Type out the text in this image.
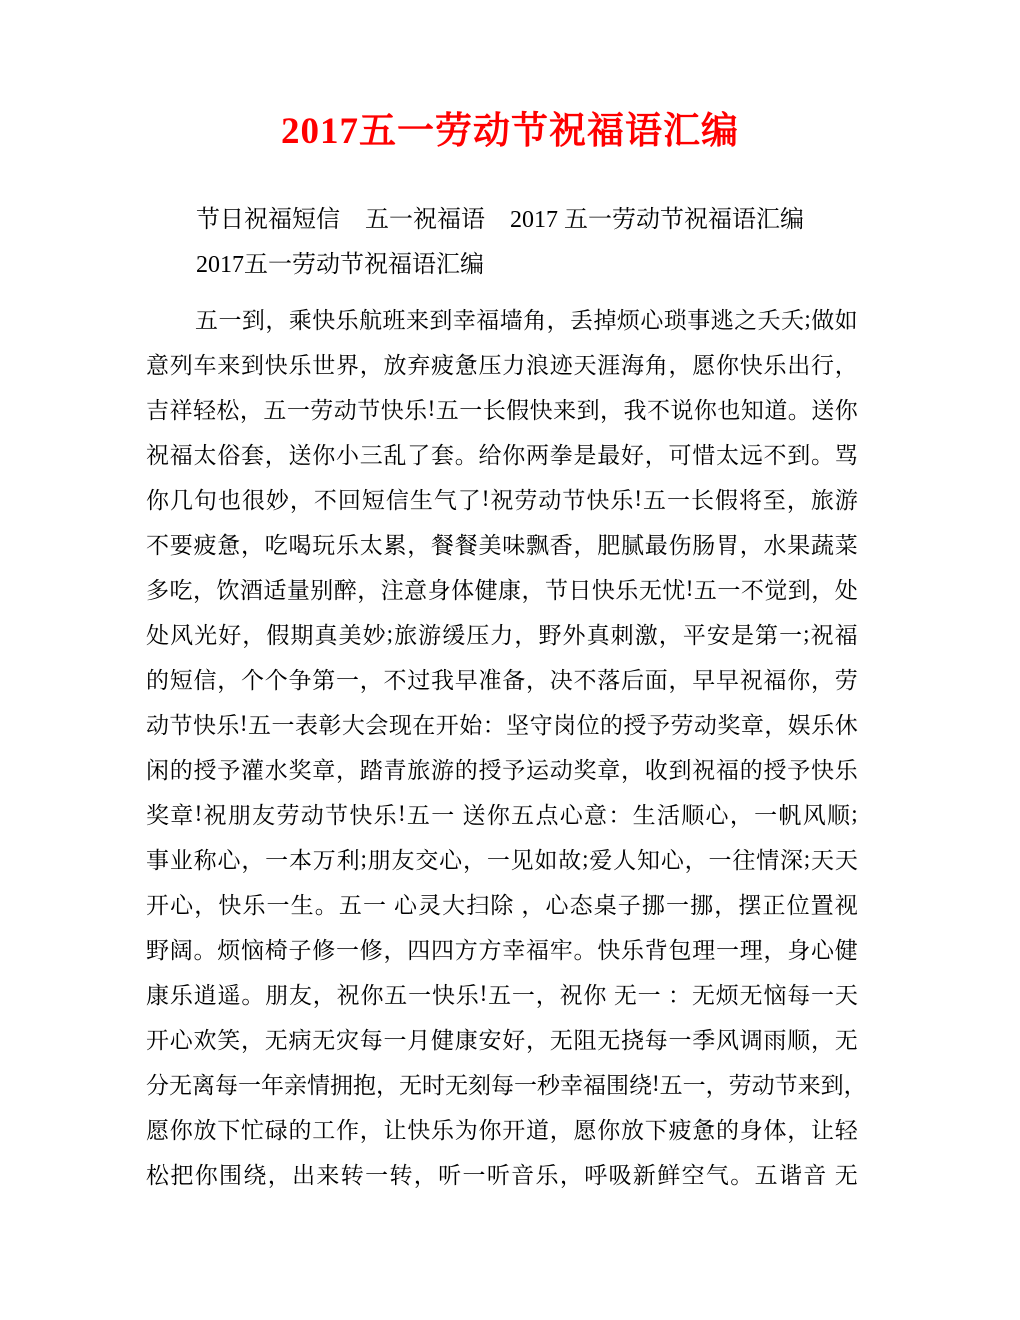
2017五一劳动节祝福语汇编
节日祝福短信 五一祝福语 2017 五一劳动节祝福语汇编
2017五一劳动节祝福语汇编
五 一 到 ， 乘 快 乐 航 班 来 到 幸 福 墙 角 ， 丢 掉 烦 心 琐 事 逃 之 夭 夭 ; 做 如
意 列 车 来 到 快 乐 世 界 ， 放 弃 疲 惫 压 力 浪 迹 天 涯 海 角 ， 愿 你 快 乐 出 行 ，
吉 祥 轻 松 ， 五 一 劳 动 节 快 乐 ! 五 一 长 假 快 来 到 ， 我 不 说 你 也 知 道 。 送 你
祝 福 太 俗 套 ， 送 你 小 三 乱 了 套 。 给 你 两 拳 是 最 好 ， 可 惜 太 远 不 到 。 骂
你 几 句 也 很 妙 ， 不 回 短 信 生 气 了 ! 祝 劳 动 节 快 乐 ! 五 一 长 假 将 至 ， 旅 游
不 要 疲 惫 ， 吃 喝 玩 乐 太 累 ， 餐 餐 美 味 飘 香 ， 肥 腻 最 伤 肠 胃 ， 水 果 蔬 菜
多 吃 ， 饮 酒 适 量 别 醉 ， 注 意 身 体 健 康 ， 节 日 快 乐 无 忧 ! 五 一 不 觉 到 ， 处
处 风 光 好 ， 假 期 真 美 妙 ; 旅 游 缓 压 力 ， 野 外 真 刺 激 ， 平 安 是 第 一 ; 祝 福
的 短 信 ， 个 个 争 第 一 ， 不 过 我 早 准 备 ， 决 不 落 后 面 ， 早 早 祝 福 你 ， 劳
动 节 快 乐 ! 五 一 表 彰 大 会 现 在 开 始 ： 坚 守 岗 位 的 授 予 劳 动 奖 章 ， 娱 乐 休
闲 的 授 予 灌 水 奖 章 ， 踏 青 旅 游 的 授 予 运 动 奖 章 ， 收 到 祝 福 的 授 予 快 乐
奖 章 ! 祝 朋 友 劳 动 节 快 乐 ! 五 一
送 你 五 点 心 意 ： 生 活 顺 心 ， 一 帆 风 顺 ;
事 业 称 心 ， 一 本 万 利 ; 朋 友 交 心 ， 一 见 如 故 ; 爱 人 知 心 ， 一 往 情 深 ; 天 天
开 心 ， 快 乐 一 生 。 五 一
心 灵 大 扫 除
， 心 态 桌 子 挪 一 挪 ， 摆 正 位 置 视
野 阔 。 烦 恼 椅 子 修 一 修 ， 四 四 方 方 幸 福 牢 。 快 乐 背 包 理 一 理 ， 身 心 健
康 乐 逍 遥 。 朋 友 ， 祝 你 五 一 快 乐 ! 五 一 ， 祝 你
无 一
： 无 烦 无 恼 每 一 天
开 心 欢 笑 ， 无 病 无 灾 每 一 月 健 康 安 好 ， 无 阻 无 挠 每 一 季 风 调 雨 顺 ， 无
分 无 离 每 一 年 亲 情 拥 抱 ， 无 时 无 刻 每 一 秒 幸 福 围 绕 ! 五 一 ， 劳 动 节 来 到 ，
愿 你 放 下 忙 碌 的 工 作 ， 让 快 乐 为 你 开 道 ， 愿 你 放 下 疲 惫 的 身 体 ， 让 轻
松 把 你 围 绕 ， 出 来 转 一 转 ， 听 一 听 音 乐 ， 呼 吸 新 鲜 空 气 。 五 谐 音
无
